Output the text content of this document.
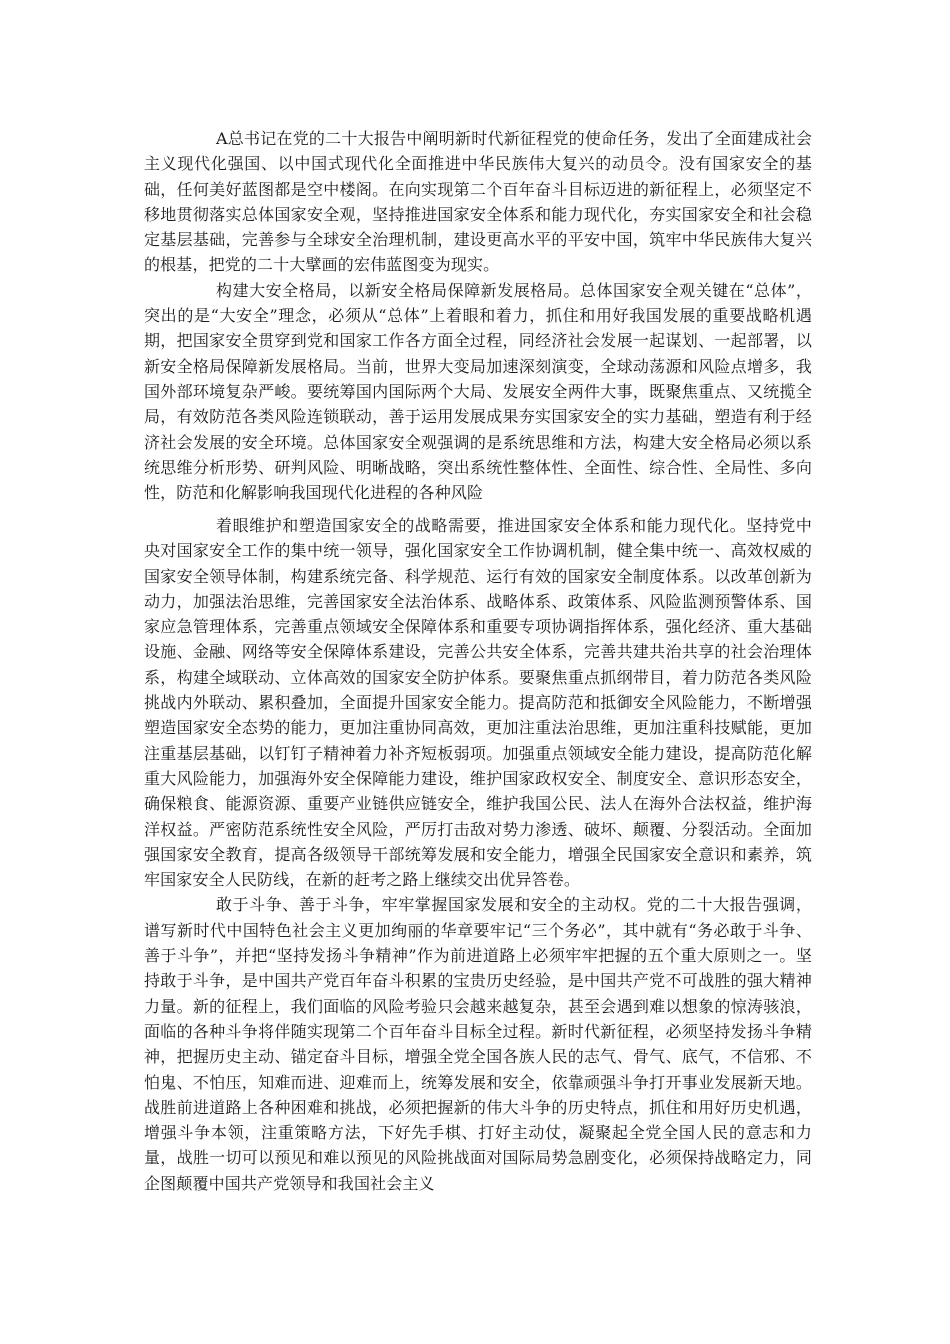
A总书记在党的二十大报告中阐明新时代新征程党的使命任务，发出了全面建成社会主义现代化强国、以中国式现代化全面推进中华民族伟大复兴的动员令。没有国家安全的基础，任何美好蓝图都是空中楼阁。在向实现第二个百年奋斗目标迈进的新征程上，必须坚定不移地贯彻落实总体国家安全观，坚持推进国家安全体系和能力现代化，夯实国家安全和社会稳定基层基础，完善参与全球安全治理机制，建设更高水平的平安中国，筑牢中华民族伟大复兴的根基，把党的二十大擘画的宏伟蓝图变为现实。

构建大安全格局，以新安全格局保障新发展格局。总体国家安全观关键在“总体”，突出的是“大安全”理念，必须从“总体”上着眼和着力，抓住和用好我国发展的重要战略机遇期，把国家安全贯穿到党和国家工作各方面全过程，同经济社会发展一起谋划、一起部署，以新安全格局保障新发展格局。当前，世界大变局加速深刻演变，全球动荡源和风险点增多，我国外部环境复杂严峻。要统筹国内国际两个大局、发展安全两件大事，既聚焦重点、又统揽全局，有效防范各类风险连锁联动，善于运用发展成果夯实国家安全的实力基础，塑造有利于经济社会发展的安全环境。总体国家安全观强调的是系统思维和方法，构建大安全格局必须以系统思维分析形势、研判风险、明晰战略，突出系统性整体性、全面性、综合性、全局性、多向性，防范和化解影响我国现代化进程的各种风险

着眼维护和塑造国家安全的战略需要，推进国家安全体系和能力现代化。坚持党中央对国家安全工作的集中统一领导，强化国家安全工作协调机制，健全集中统一、高效权威的国家安全领导体制，构建系统完备、科学规范、运行有效的国家安全制度体系。以改革创新为动力，加强法治思维，完善国家安全法治体系、战略体系、政策体系、风险监测预警体系、国家应急管理体系，完善重点领域安全保障体系和重要专项协调指挥体系，强化经济、重大基础设施、金融、网络等安全保障体系建设，完善公共安全体系，完善共建共治共享的社会治理体系，构建全域联动、立体高效的国家安全防护体系。要聚焦重点抓纲带目，着力防范各类风险挑战内外联动、累积叠加，全面提升国家安全能力。提高防范和抵御安全风险能力，不断增强塑造国家安全态势的能力，更加注重协同高效，更加注重法治思维，更加注重科技赋能，更加注重基层基础，以钉钉子精神着力补齐短板弱项。加强重点领域安全能力建设，提高防范化解重大风险能力，加强海外安全保障能力建设，维护国家政权安全、制度安全、意识形态安全，确保粮食、能源资源、重要产业链供应链安全，维护我国公民、法人在海外合法权益，维护海洋权益。严密防范系统性安全风险，严厉打击敌对势力渗透、破坏、颠覆、分裂活动。全面加强国家安全教育，提高各级领导干部统筹发展和安全能力，增强全民国家安全意识和素养，筑牢国家安全人民防线，在新的赶考之路上继续交出优异答卷。

敢于斗争、善于斗争，牢牢掌握国家发展和安全的主动权。党的二十大报告强调，谱写新时代中国特色社会主义更加绚丽的华章要牢记“三个务必”，其中就有“务必敢于斗争、善于斗争”，并把“坚持发扬斗争精神”作为前进道路上必须牢牢把握的五个重大原则之一。坚持敢于斗争，是中国共产党百年奋斗积累的宝贵历史经验，是中国共产党不可战胜的强大精神力量。新的征程上，我们面临的风险考验只会越来越复杂，甚至会遇到难以想象的惊涛骇浪，面临的各种斗争将伴随实现第二个百年奋斗目标全过程。新时代新征程，必须坚持发扬斗争精神，把握历史主动、锚定奋斗目标，增强全党全国各族人民的志气、骨气、底气，不信邪、不怕鬼、不怕压，知难而进、迎难而上，统筹发展和安全，依靠顽强斗争打开事业发展新天地。战胜前进道路上各种困难和挑战，必须把握新的伟大斗争的历史特点，抓住和用好历史机遇，增强斗争本领，注重策略方法，下好先手棋、打好主动仗，凝聚起全党全国人民的意志和力量，战胜一切可以预见和难以预见的风险挑战面对国际局势急剧变化，必须保持战略定力，同企图颠覆中国共产党领导和我国社会主义
